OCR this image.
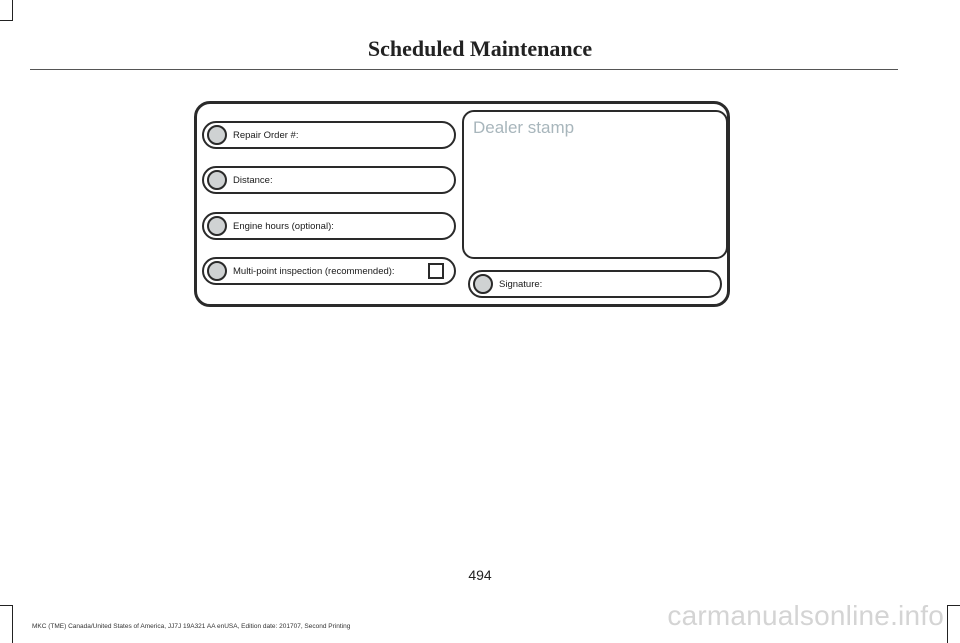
Scheduled Maintenance
Repair Order #:
Distance:
Engine hours (optional):
Multi-point inspection (recommended):
Dealer stamp
Signature:
494
MKC (TME) Canada/United States of America, JJ7J 19A321 AA enUSA, Edition date: 201707, Second Printing	carmanualsonline.info
